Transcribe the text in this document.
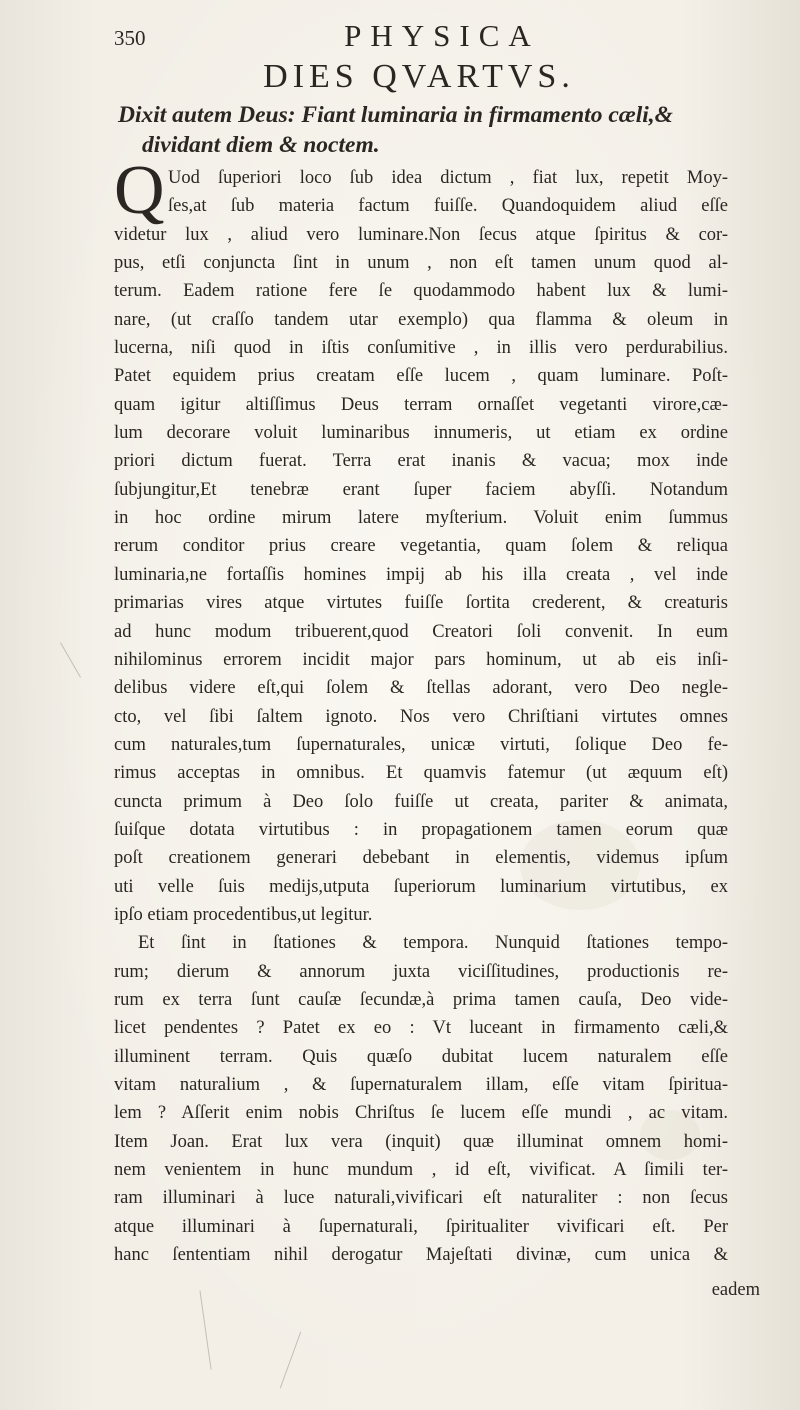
350	PHYSICA
DIES QVARTVS.
Dixit autem Deus: Fiant luminaria in firmamento cæli,&
dividant diem & noctem.
Q Uod ſuperiori loco ſub idea dictum , fiat lux, repetit Moy-
ſes,at ſub materia factum fuiſſe. Quandoquidem aliud eſſe
videtur lux , aliud vero luminare.Non ſecus atque ſpiritus & cor-
pus, etſi conjuncta ſint in unum , non eſt tamen unum quod al-
terum. Eadem ratione fere ſe quodammodo habent lux & lumi-
nare, (ut craſſo tandem utar exemplo) qua flamma & oleum in
lucerna, niſi quod in iſtis conſumitive , in illis vero perdurabilius.
Patet equidem prius creatam eſſe lucem , quam luminare. Poſt-
quam igitur altiſſimus Deus terram ornaſſet vegetanti virore,cæ-
lum decorare voluit luminaribus innumeris, ut etiam ex ordine
priori dictum fuerat. Terra erat inanis & vacua; mox inde
ſubjungitur,Et tenebræ erant ſuper faciem abyſſi. Notandum
in hoc ordine mirum latere myſterium. Voluit enim ſummus
rerum conditor prius creare vegetantia, quam ſolem & reliqua
luminaria,ne fortaſſis homines impij ab his illa creata , vel inde
primarias vires atque virtutes fuiſſe ſortita crederent, & creaturis
ad hunc modum tribuerent,quod Creatori ſoli convenit. In eum
nihilominus errorem incidit major pars hominum, ut ab eis inſi-
delibus videre eſt,qui ſolem & ſtellas adorant, vero Deo negle-
cto, vel ſibi ſaltem ignoto. Nos vero Chriſtiani virtutes omnes
cum naturales,tum ſupernaturales, unicæ virtuti, ſolique Deo fe-
rimus acceptas in omnibus. Et quamvis fatemur (ut æquum eſt)
cuncta primum à Deo ſolo fuiſſe ut creata, pariter & animata,
ſuiſque dotata virtutibus : in propagationem tamen eorum quæ
poſt creationem generari debebant in elementis, videmus ipſum
uti velle ſuis medijs,utputa ſuperiorum luminarium virtutibus, ex
ipſo etiam procedentibus,ut legitur.
Et ſint in ſtationes & tempora. Nunquid ſtationes tempo-
rum; dierum & annorum juxta viciſſitudines, productionis re-
rum ex terra ſunt cauſæ ſecundæ,à prima tamen cauſa, Deo vide-
licet pendentes ? Patet ex eo : Vt luceant in firmamento cæli,&
illuminent terram. Quis quæſo dubitat lucem naturalem eſſe
vitam naturalium , & ſupernaturalem illam, eſſe vitam ſpiritua-
lem ? Aſſerit enim nobis Chriſtus ſe lucem eſſe mundi , ac vitam.
Item Joan. Erat lux vera (inquit) quæ illuminat omnem homi-
nem venientem in hunc mundum , id eſt, vivificat. A ſimili ter-
ram illuminari à luce naturali,vivificari eſt naturaliter : non ſecus
atque illuminari à ſupernaturali, ſpiritualiter vivificari eſt. Per
hanc ſententiam nihil derogatur Majeſtati divinæ, cum unica &
eadem
